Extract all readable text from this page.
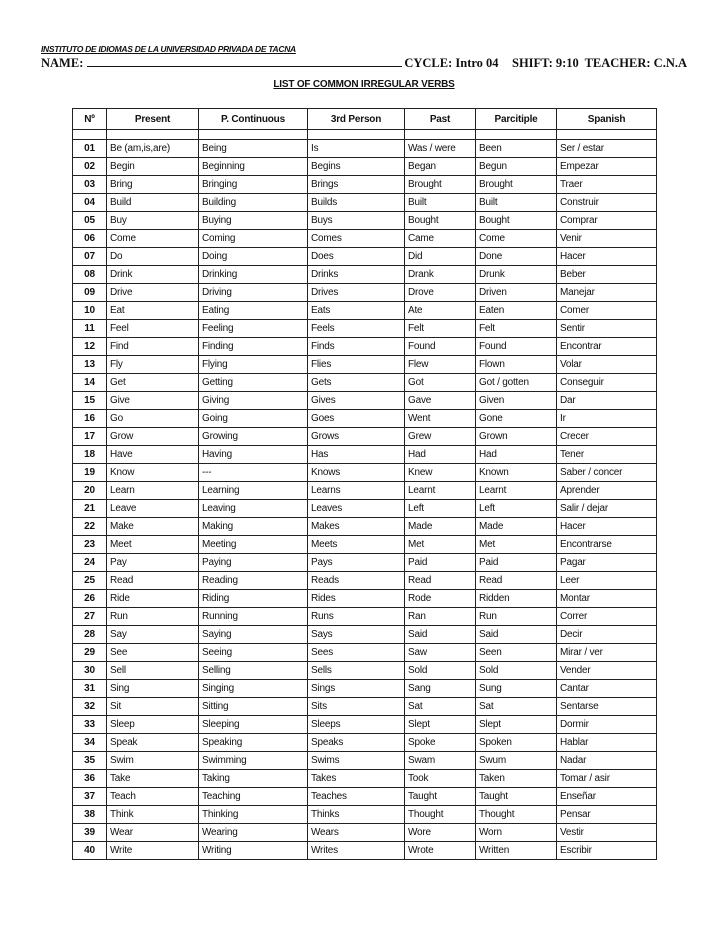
INSTITUTO DE IDIOMAS DE LA UNIVERSIDAD PRIVADA DE TACNA
NAME:	CYCLE: Intro 04 SHIFT: 9:10 TEACHER: C.N.A
LIST OF COMMON IRREGULAR VERBS
Nº	Present	P. Continuous	3rd Person	Past	Parcitiple	Spanish

01	Be (am,is,are)	Being	Is	Was / were	Been	Ser / estar
02	Begin	Beginning	Begins	Began	Begun	Empezar
03	Bring	Bringing	Brings	Brought	Brought	Traer
04	Build	Building	Builds	Built	Built	Construir
05	Buy	Buying	Buys	Bought	Bought	Comprar
06	Come	Coming	Comes	Came	Come	Venir
07	Do	Doing	Does	Did	Done	Hacer
08	Drink	Drinking	Drinks	Drank	Drunk	Beber
09	Drive	Driving	Drives	Drove	Driven	Manejar
10	Eat	Eating	Eats	Ate	Eaten	Comer
11	Feel	Feeling	Feels	Felt	Felt	Sentir
12	Find	Finding	Finds	Found	Found	Encontrar
13	Fly	Flying	Flies	Flew	Flown	Volar
14	Get	Getting	Gets	Got	Got / gotten	Conseguir
15	Give	Giving	Gives	Gave	Given	Dar
16	Go	Going	Goes	Went	Gone	Ir
17	Grow	Growing	Grows	Grew	Grown	Crecer
18	Have	Having	Has	Had	Had	Tener
19	Know	---	Knows	Knew	Known	Saber / concer
20	Learn	Learning	Learns	Learnt	Learnt	Aprender
21	Leave	Leaving	Leaves	Left	Left	Salir / dejar
22	Make	Making	Makes	Made	Made	Hacer
23	Meet	Meeting	Meets	Met	Met	Encontrarse
24	Pay	Paying	Pays	Paid	Paid	Pagar
25	Read	Reading	Reads	Read	Read	Leer
26	Ride	Riding	Rides	Rode	Ridden	Montar
27	Run	Running	Runs	Ran	Run	Correr
28	Say	Saying	Says	Said	Said	Decir
29	See	Seeing	Sees	Saw	Seen	Mirar / ver
30	Sell	Selling	Sells	Sold	Sold	Vender
31	Sing	Singing	Sings	Sang	Sung	Cantar
32	Sit	Sitting	Sits	Sat	Sat	Sentarse
33	Sleep	Sleeping	Sleeps	Slept	Slept	Dormir
34	Speak	Speaking	Speaks	Spoke	Spoken	Hablar
35	Swim	Swimming	Swims	Swam	Swum	Nadar
36	Take	Taking	Takes	Took	Taken	Tomar / asir
37	Teach	Teaching	Teaches	Taught	Taught	Enseñar
38	Think	Thinking	Thinks	Thought	Thought	Pensar
39	Wear	Wearing	Wears	Wore	Worn	Vestir
40	Write	Writing	Writes	Wrote	Written	Escribir
